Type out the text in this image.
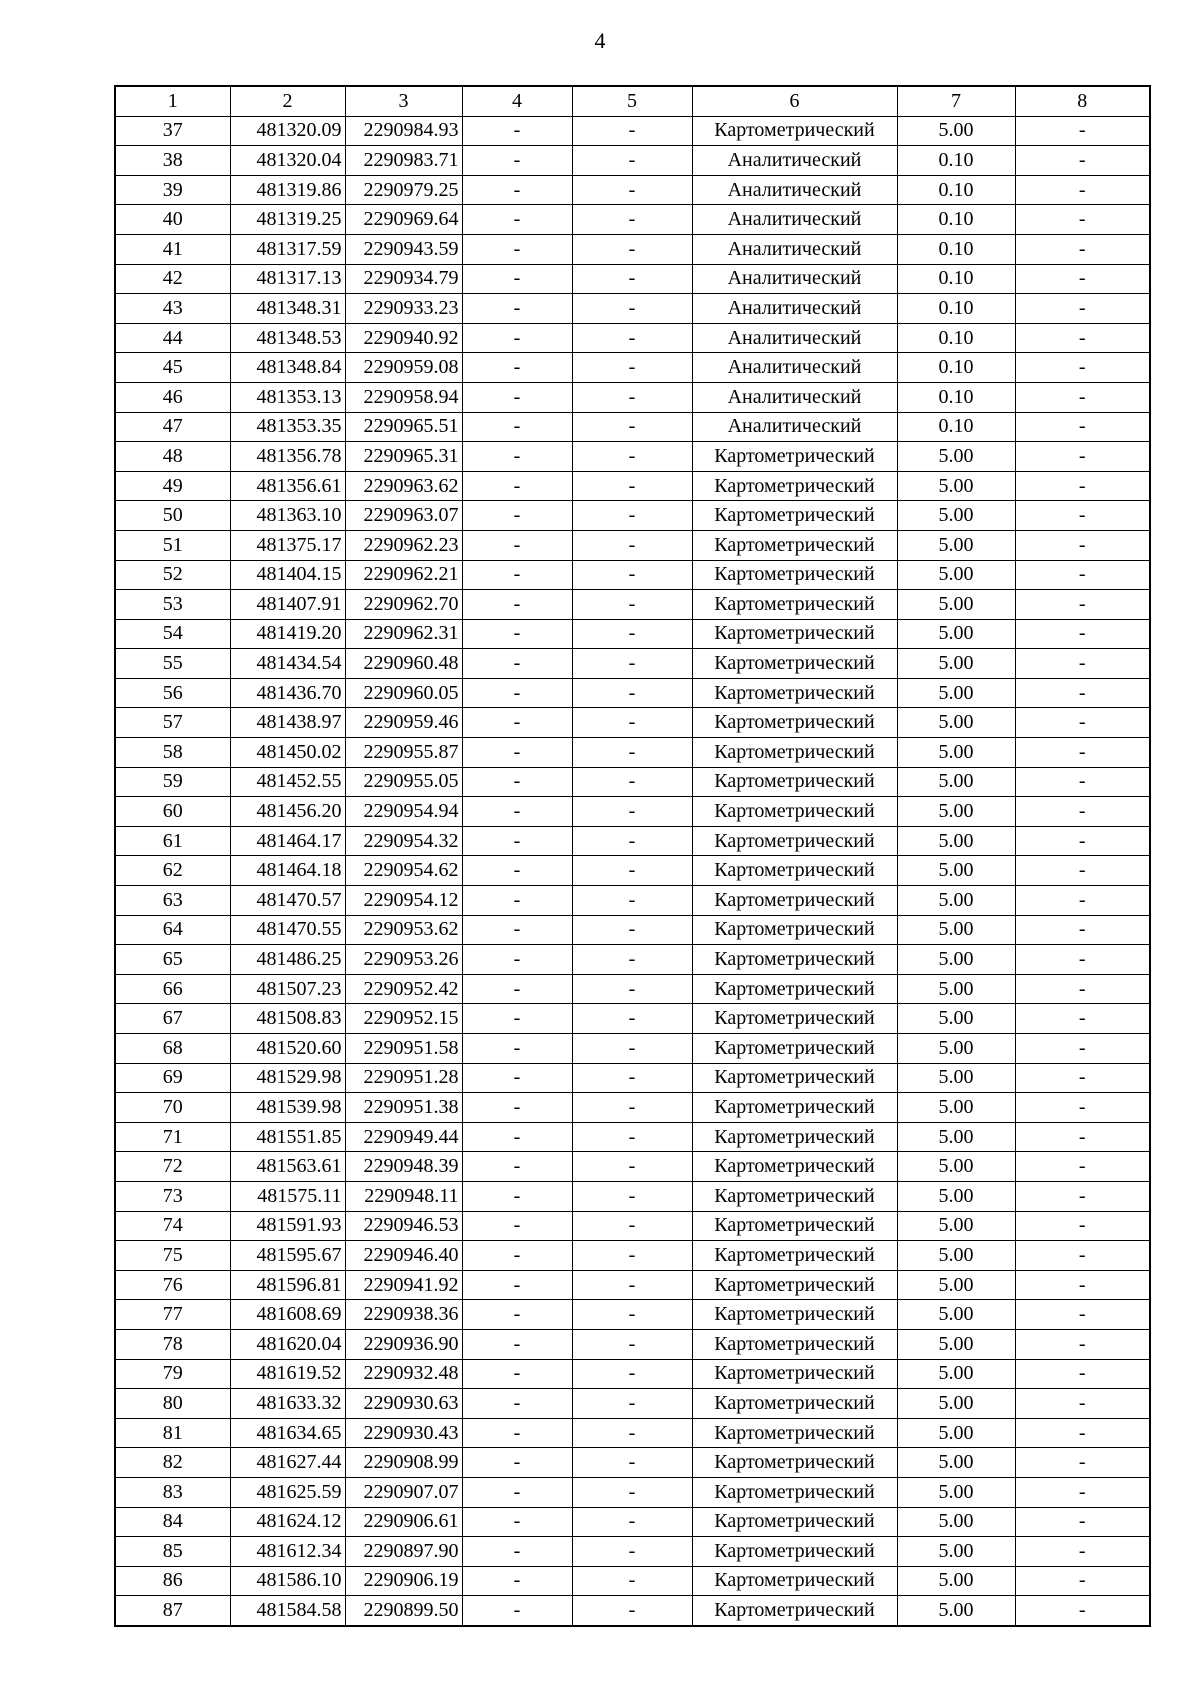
4
1	2	3	4	5	6	7	8
37	481320.09	2290984.93	-	-	Картометрический	5.00	-
38	481320.04	2290983.71	-	-	Аналитический	0.10	-
39	481319.86	2290979.25	-	-	Аналитический	0.10	-
40	481319.25	2290969.64	-	-	Аналитический	0.10	-
41	481317.59	2290943.59	-	-	Аналитический	0.10	-
42	481317.13	2290934.79	-	-	Аналитический	0.10	-
43	481348.31	2290933.23	-	-	Аналитический	0.10	-
44	481348.53	2290940.92	-	-	Аналитический	0.10	-
45	481348.84	2290959.08	-	-	Аналитический	0.10	-
46	481353.13	2290958.94	-	-	Аналитический	0.10	-
47	481353.35	2290965.51	-	-	Аналитический	0.10	-
48	481356.78	2290965.31	-	-	Картометрический	5.00	-
49	481356.61	2290963.62	-	-	Картометрический	5.00	-
50	481363.10	2290963.07	-	-	Картометрический	5.00	-
51	481375.17	2290962.23	-	-	Картометрический	5.00	-
52	481404.15	2290962.21	-	-	Картометрический	5.00	-
53	481407.91	2290962.70	-	-	Картометрический	5.00	-
54	481419.20	2290962.31	-	-	Картометрический	5.00	-
55	481434.54	2290960.48	-	-	Картометрический	5.00	-
56	481436.70	2290960.05	-	-	Картометрический	5.00	-
57	481438.97	2290959.46	-	-	Картометрический	5.00	-
58	481450.02	2290955.87	-	-	Картометрический	5.00	-
59	481452.55	2290955.05	-	-	Картометрический	5.00	-
60	481456.20	2290954.94	-	-	Картометрический	5.00	-
61	481464.17	2290954.32	-	-	Картометрический	5.00	-
62	481464.18	2290954.62	-	-	Картометрический	5.00	-
63	481470.57	2290954.12	-	-	Картометрический	5.00	-
64	481470.55	2290953.62	-	-	Картометрический	5.00	-
65	481486.25	2290953.26	-	-	Картометрический	5.00	-
66	481507.23	2290952.42	-	-	Картометрический	5.00	-
67	481508.83	2290952.15	-	-	Картометрический	5.00	-
68	481520.60	2290951.58	-	-	Картометрический	5.00	-
69	481529.98	2290951.28	-	-	Картометрический	5.00	-
70	481539.98	2290951.38	-	-	Картометрический	5.00	-
71	481551.85	2290949.44	-	-	Картометрический	5.00	-
72	481563.61	2290948.39	-	-	Картометрический	5.00	-
73	481575.11	2290948.11	-	-	Картометрический	5.00	-
74	481591.93	2290946.53	-	-	Картометрический	5.00	-
75	481595.67	2290946.40	-	-	Картометрический	5.00	-
76	481596.81	2290941.92	-	-	Картометрический	5.00	-
77	481608.69	2290938.36	-	-	Картометрический	5.00	-
78	481620.04	2290936.90	-	-	Картометрический	5.00	-
79	481619.52	2290932.48	-	-	Картометрический	5.00	-
80	481633.32	2290930.63	-	-	Картометрический	5.00	-
81	481634.65	2290930.43	-	-	Картометрический	5.00	-
82	481627.44	2290908.99	-	-	Картометрический	5.00	-
83	481625.59	2290907.07	-	-	Картометрический	5.00	-
84	481624.12	2290906.61	-	-	Картометрический	5.00	-
85	481612.34	2290897.90	-	-	Картометрический	5.00	-
86	481586.10	2290906.19	-	-	Картометрический	5.00	-
87	481584.58	2290899.50	-	-	Картометрический	5.00	-
